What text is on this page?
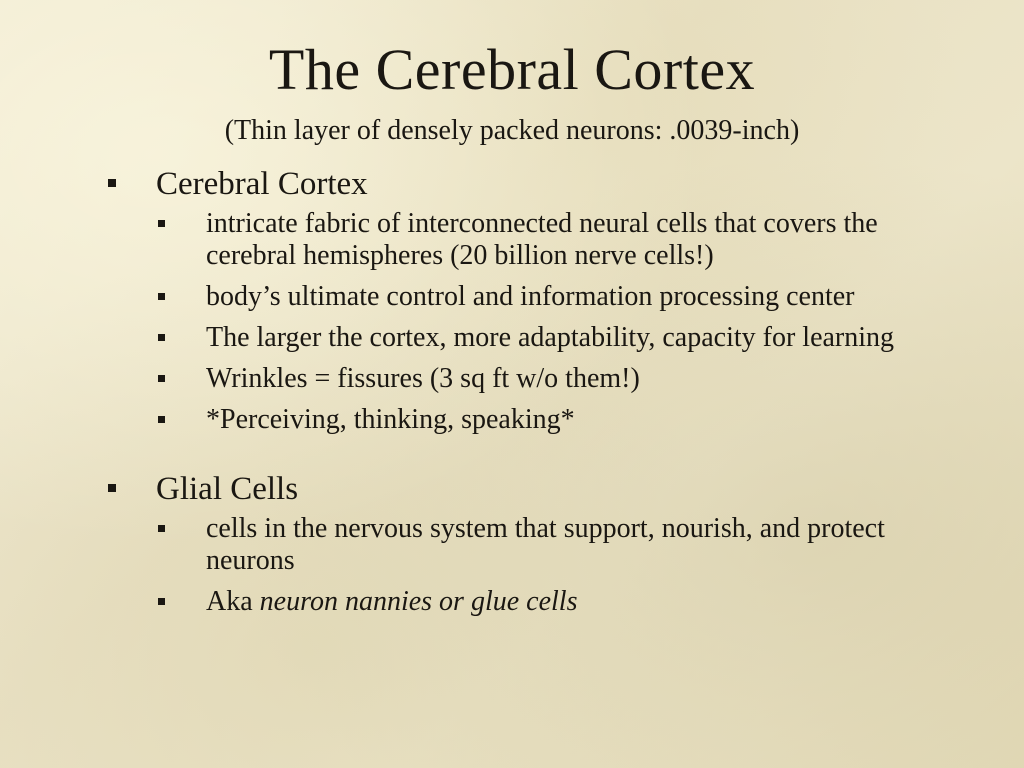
The Cerebral Cortex

(Thin layer of densely packed neurons: .0039-inch)

Cerebral Cortex
intricate fabric of interconnected neural cells that covers the cerebral hemispheres (20 billion nerve cells!)
body’s ultimate control and information processing center
The larger the cortex, more adaptability, capacity for learning
Wrinkles = fissures (3 sq ft w/o them!)
*Perceiving, thinking, speaking*
Glial Cells
cells in the nervous system that support, nourish, and protect neurons
Aka neuron nannies or glue cells
